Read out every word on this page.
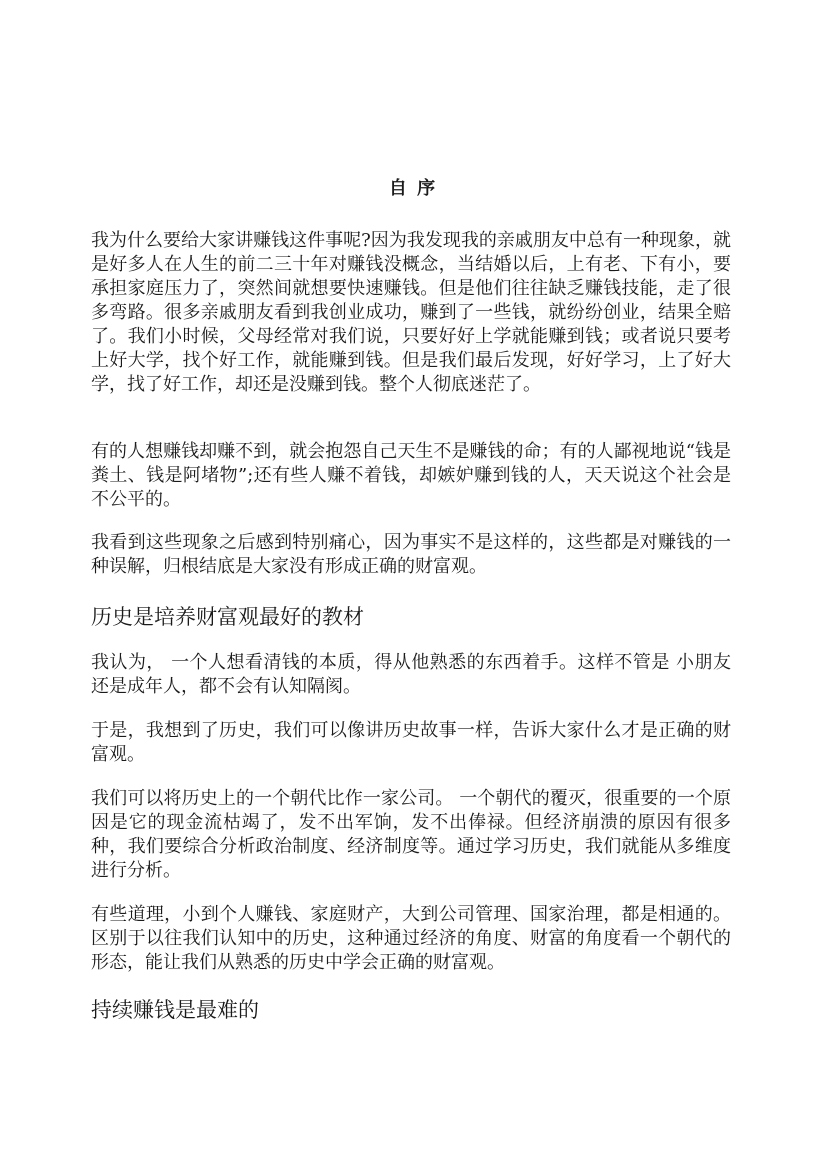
自 序

我为什么要给大家讲赚钱这件事呢?因为我发现我的亲戚朋友中总有一种现象，就是好多人在人生的前二三十年对赚钱没概念，当结婚以后，上有老、下有小，要承担家庭压力了，突然间就想要快速赚钱。但是他们往往缺乏赚钱技能，走了很多弯路。很多亲戚朋友看到我创业成功，赚到了一些钱，就纷纷创业，结果全赔了。我们小时候，父母经常对我们说，只要好好上学就能赚到钱；或者说只要考上好大学，找个好工作，就能赚到钱。但是我们最后发现，好好学习，上了好大学，找了好工作，却还是没赚到钱。整个人彻底迷茫了。

有的人想赚钱却赚不到，就会抱怨自己天生不是赚钱的命；有的人鄙视地说“钱是粪土、钱是阿堵物”;还有些人赚不着钱，却嫉妒赚到钱的人，天天说这个社会是不公平的。

我看到这些现象之后感到特别痛心，因为事实不是这样的，这些都是对赚钱的一种误解，归根结底是大家没有形成正确的财富观。

历史是培养财富观最好的教材

我认为， 一个人想看清钱的本质，得从他熟悉的东西着手。这样不管是 小朋友还是成年人，都不会有认知隔阂。

于是，我想到了历史，我们可以像讲历史故事一样，告诉大家什么才是正确的财富观。

我们可以将历史上的一个朝代比作一家公司。 一个朝代的覆灭，很重要的一个原因是它的现金流枯竭了，发不出军饷，发不出俸禄。但经济崩溃的原因有很多种，我们要综合分析政治制度、经济制度等。通过学习历史，我们就能从多维度进行分析。

有些道理，小到个人赚钱、家庭财产，大到公司管理、国家治理，都是相通的。区别于以往我们认知中的历史，这种通过经济的角度、财富的角度看一个朝代的形态，能让我们从熟悉的历史中学会正确的财富观。

持续赚钱是最难的
